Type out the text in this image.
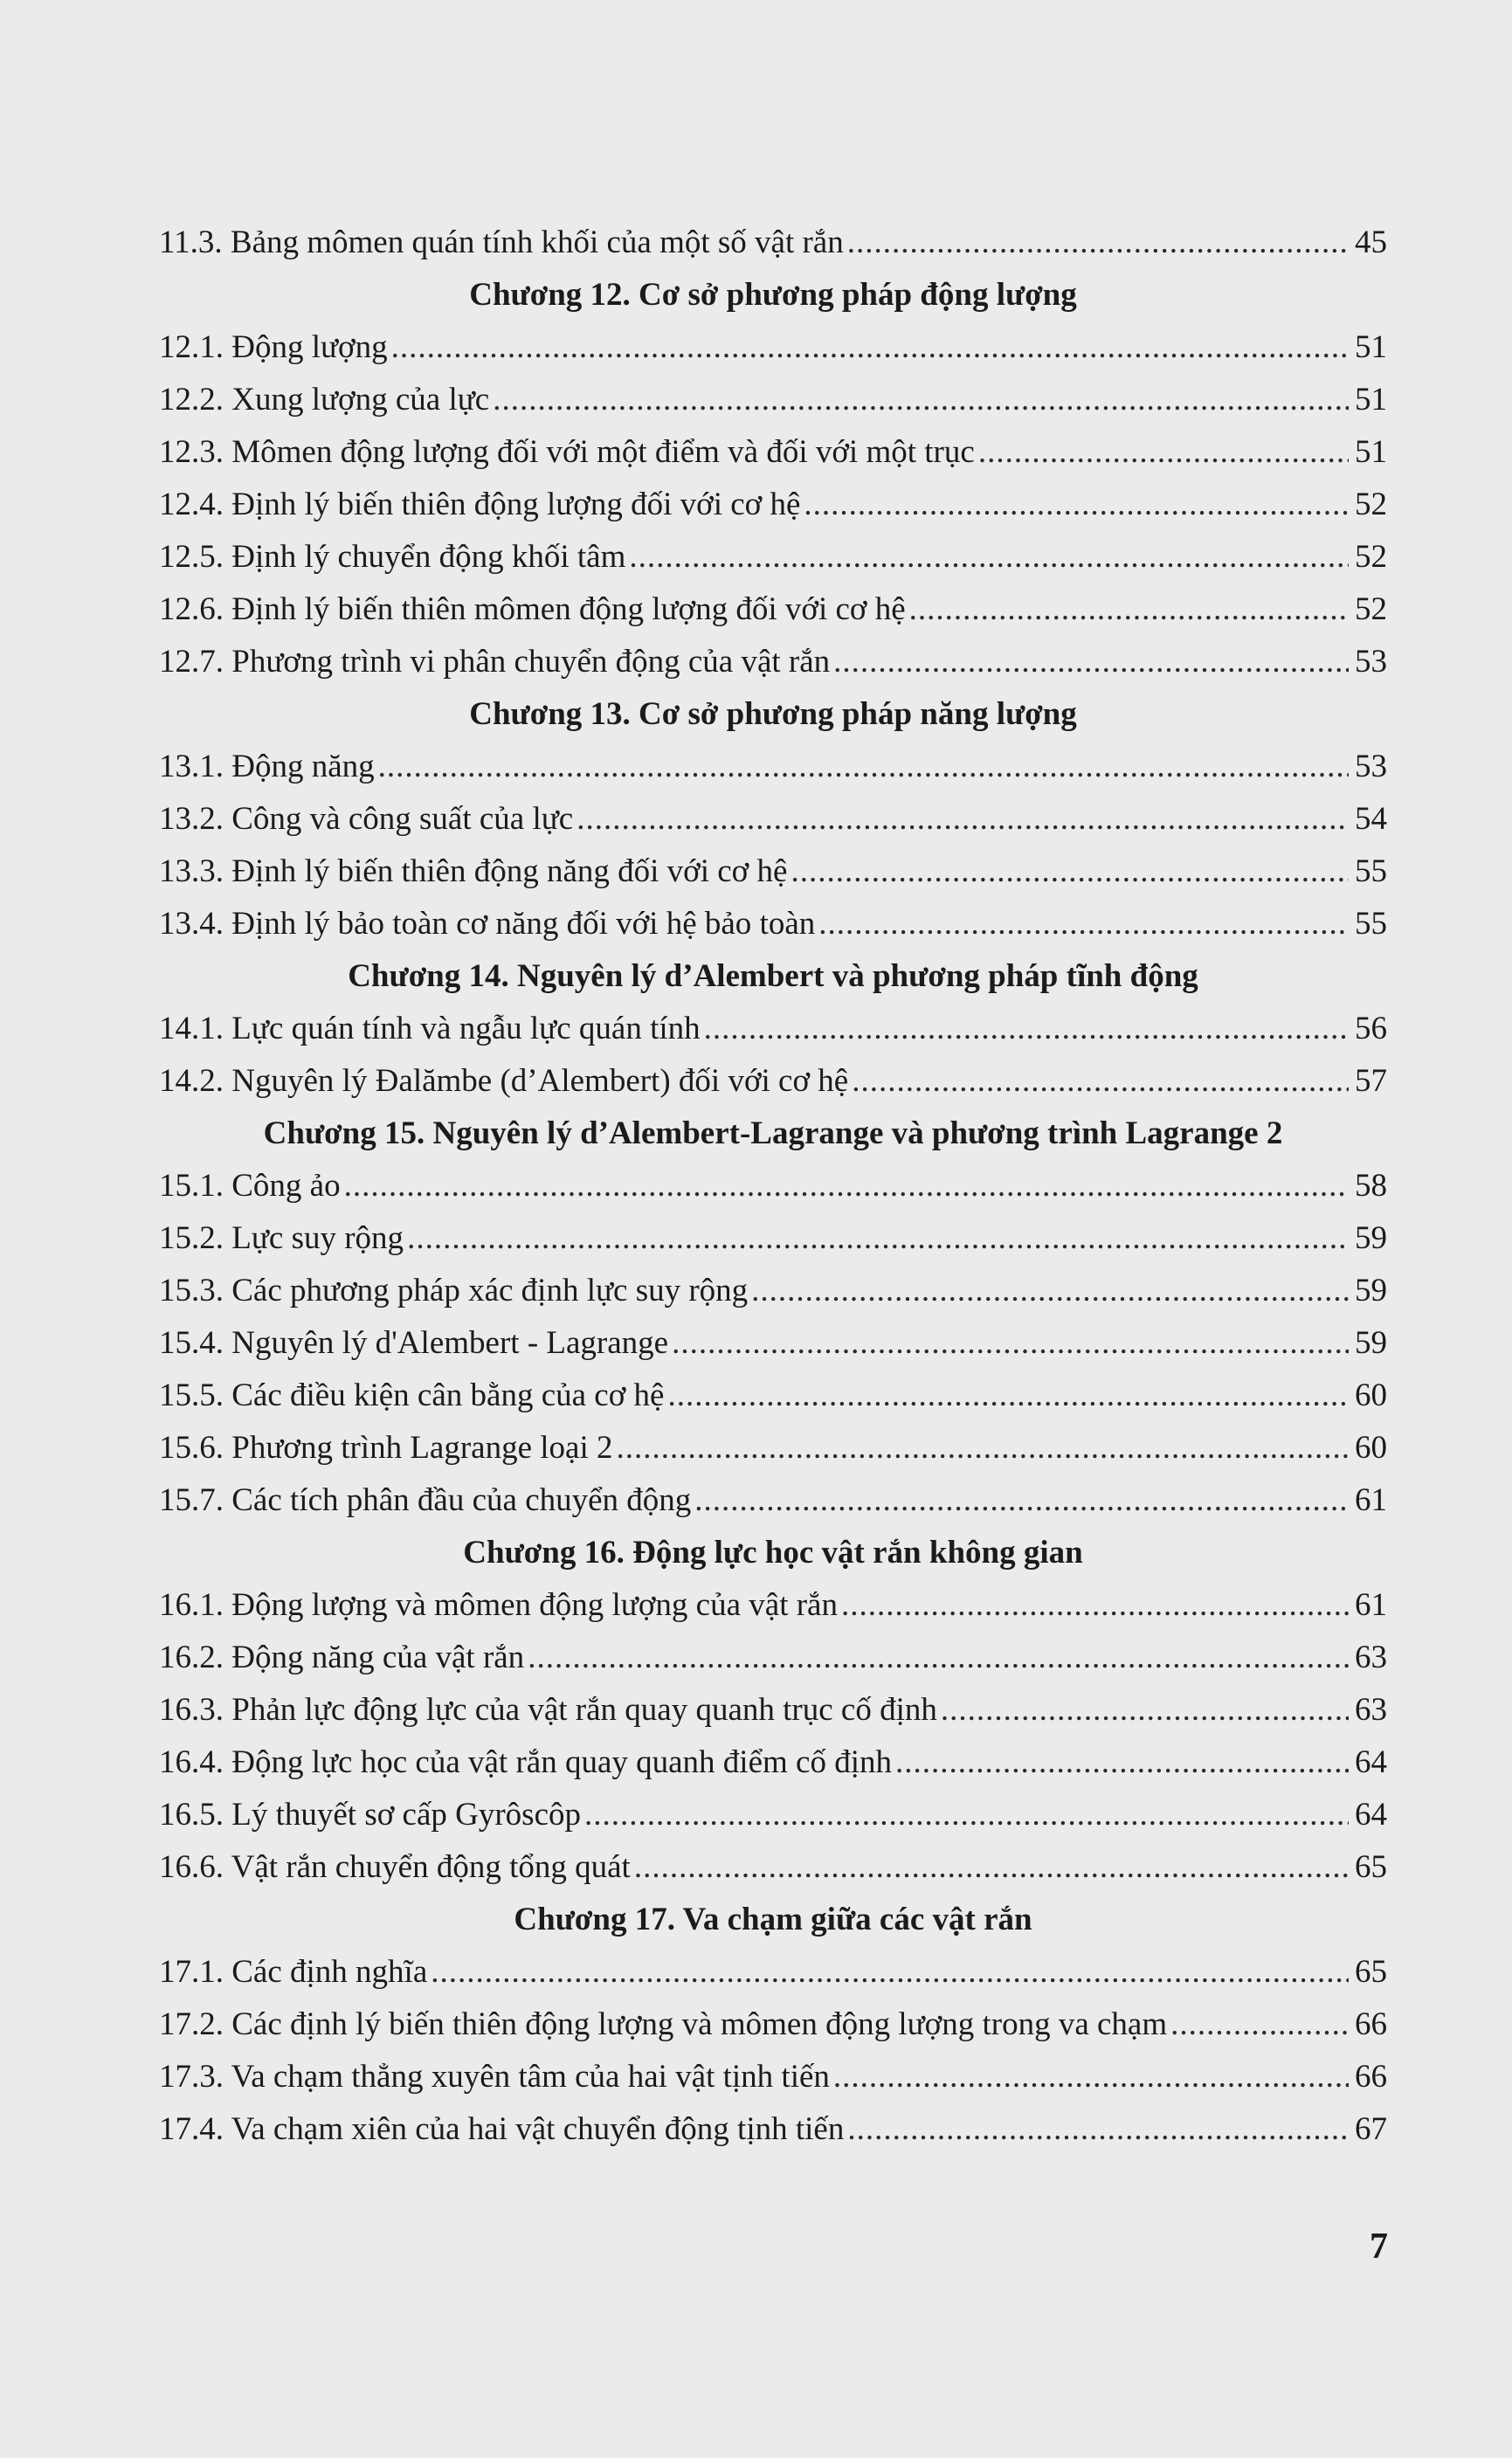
11.3. Bảng mômen quán tính khối của một số vật rắn .....	45
Chương 12. Cơ sở phương pháp động lượng
12.1. Động lượng .....	51
12.2. Xung lượng của lực .....	51
12.3. Mômen động lượng đối với một điểm và đối với một trục .....	51
12.4. Định lý biến thiên động lượng đối với cơ hệ .....	52
12.5. Định lý chuyển động khối tâm .....	52
12.6. Định lý biến thiên mômen động lượng đối với cơ hệ .....	52
12.7. Phương trình vi phân chuyển động của vật rắn .....	53
Chương 13. Cơ sở phương pháp năng lượng
13.1. Động năng .....	53
13.2. Công và công suất của lực .....	54
13.3. Định lý biến thiên động năng đối với cơ hệ .....	55
13.4. Định lý bảo toàn cơ năng đối với hệ bảo toàn .....	55
Chương 14. Nguyên lý d’Alembert và phương pháp tĩnh động
14.1. Lực quán tính và ngẫu lực quán tính .....	56
14.2. Nguyên lý Đalămbe (d’Alembert) đối với cơ hệ .....	57
Chương 15. Nguyên lý d’Alembert-Lagrange và phương trình Lagrange 2
15.1. Công ảo .....	58
15.2. Lực suy rộng .....	59
15.3. Các phương pháp xác định lực suy rộng .....	59
15.4. Nguyên lý d'Alembert - Lagrange .....	59
15.5. Các điều kiện cân bằng của cơ hệ .....	60
15.6. Phương trình Lagrange loại 2 .....	60
15.7. Các tích phân đầu của chuyển động .....	61
Chương 16. Động lực học vật rắn không gian
16.1. Động lượng và mômen động lượng của vật rắn .....	61
16.2. Động năng của vật rắn .....	63
16.3. Phản lực động lực của vật rắn quay quanh trục cố định .....	63
16.4. Động lực học của vật rắn quay quanh điểm cố định .....	64
16.5. Lý thuyết sơ cấp Gyrôscôp .....	64
16.6. Vật rắn chuyển động tổng quát .....	65
Chương 17. Va chạm giữa các vật rắn
17.1. Các định nghĩa .....	65
17.2. Các định lý biến thiên động lượng và mômen động lượng trong va chạm .....	66
17.3. Va chạm thẳng xuyên tâm của hai vật tịnh tiến .....	66
17.4. Va chạm xiên của hai vật chuyển động tịnh tiến .....	67
7
